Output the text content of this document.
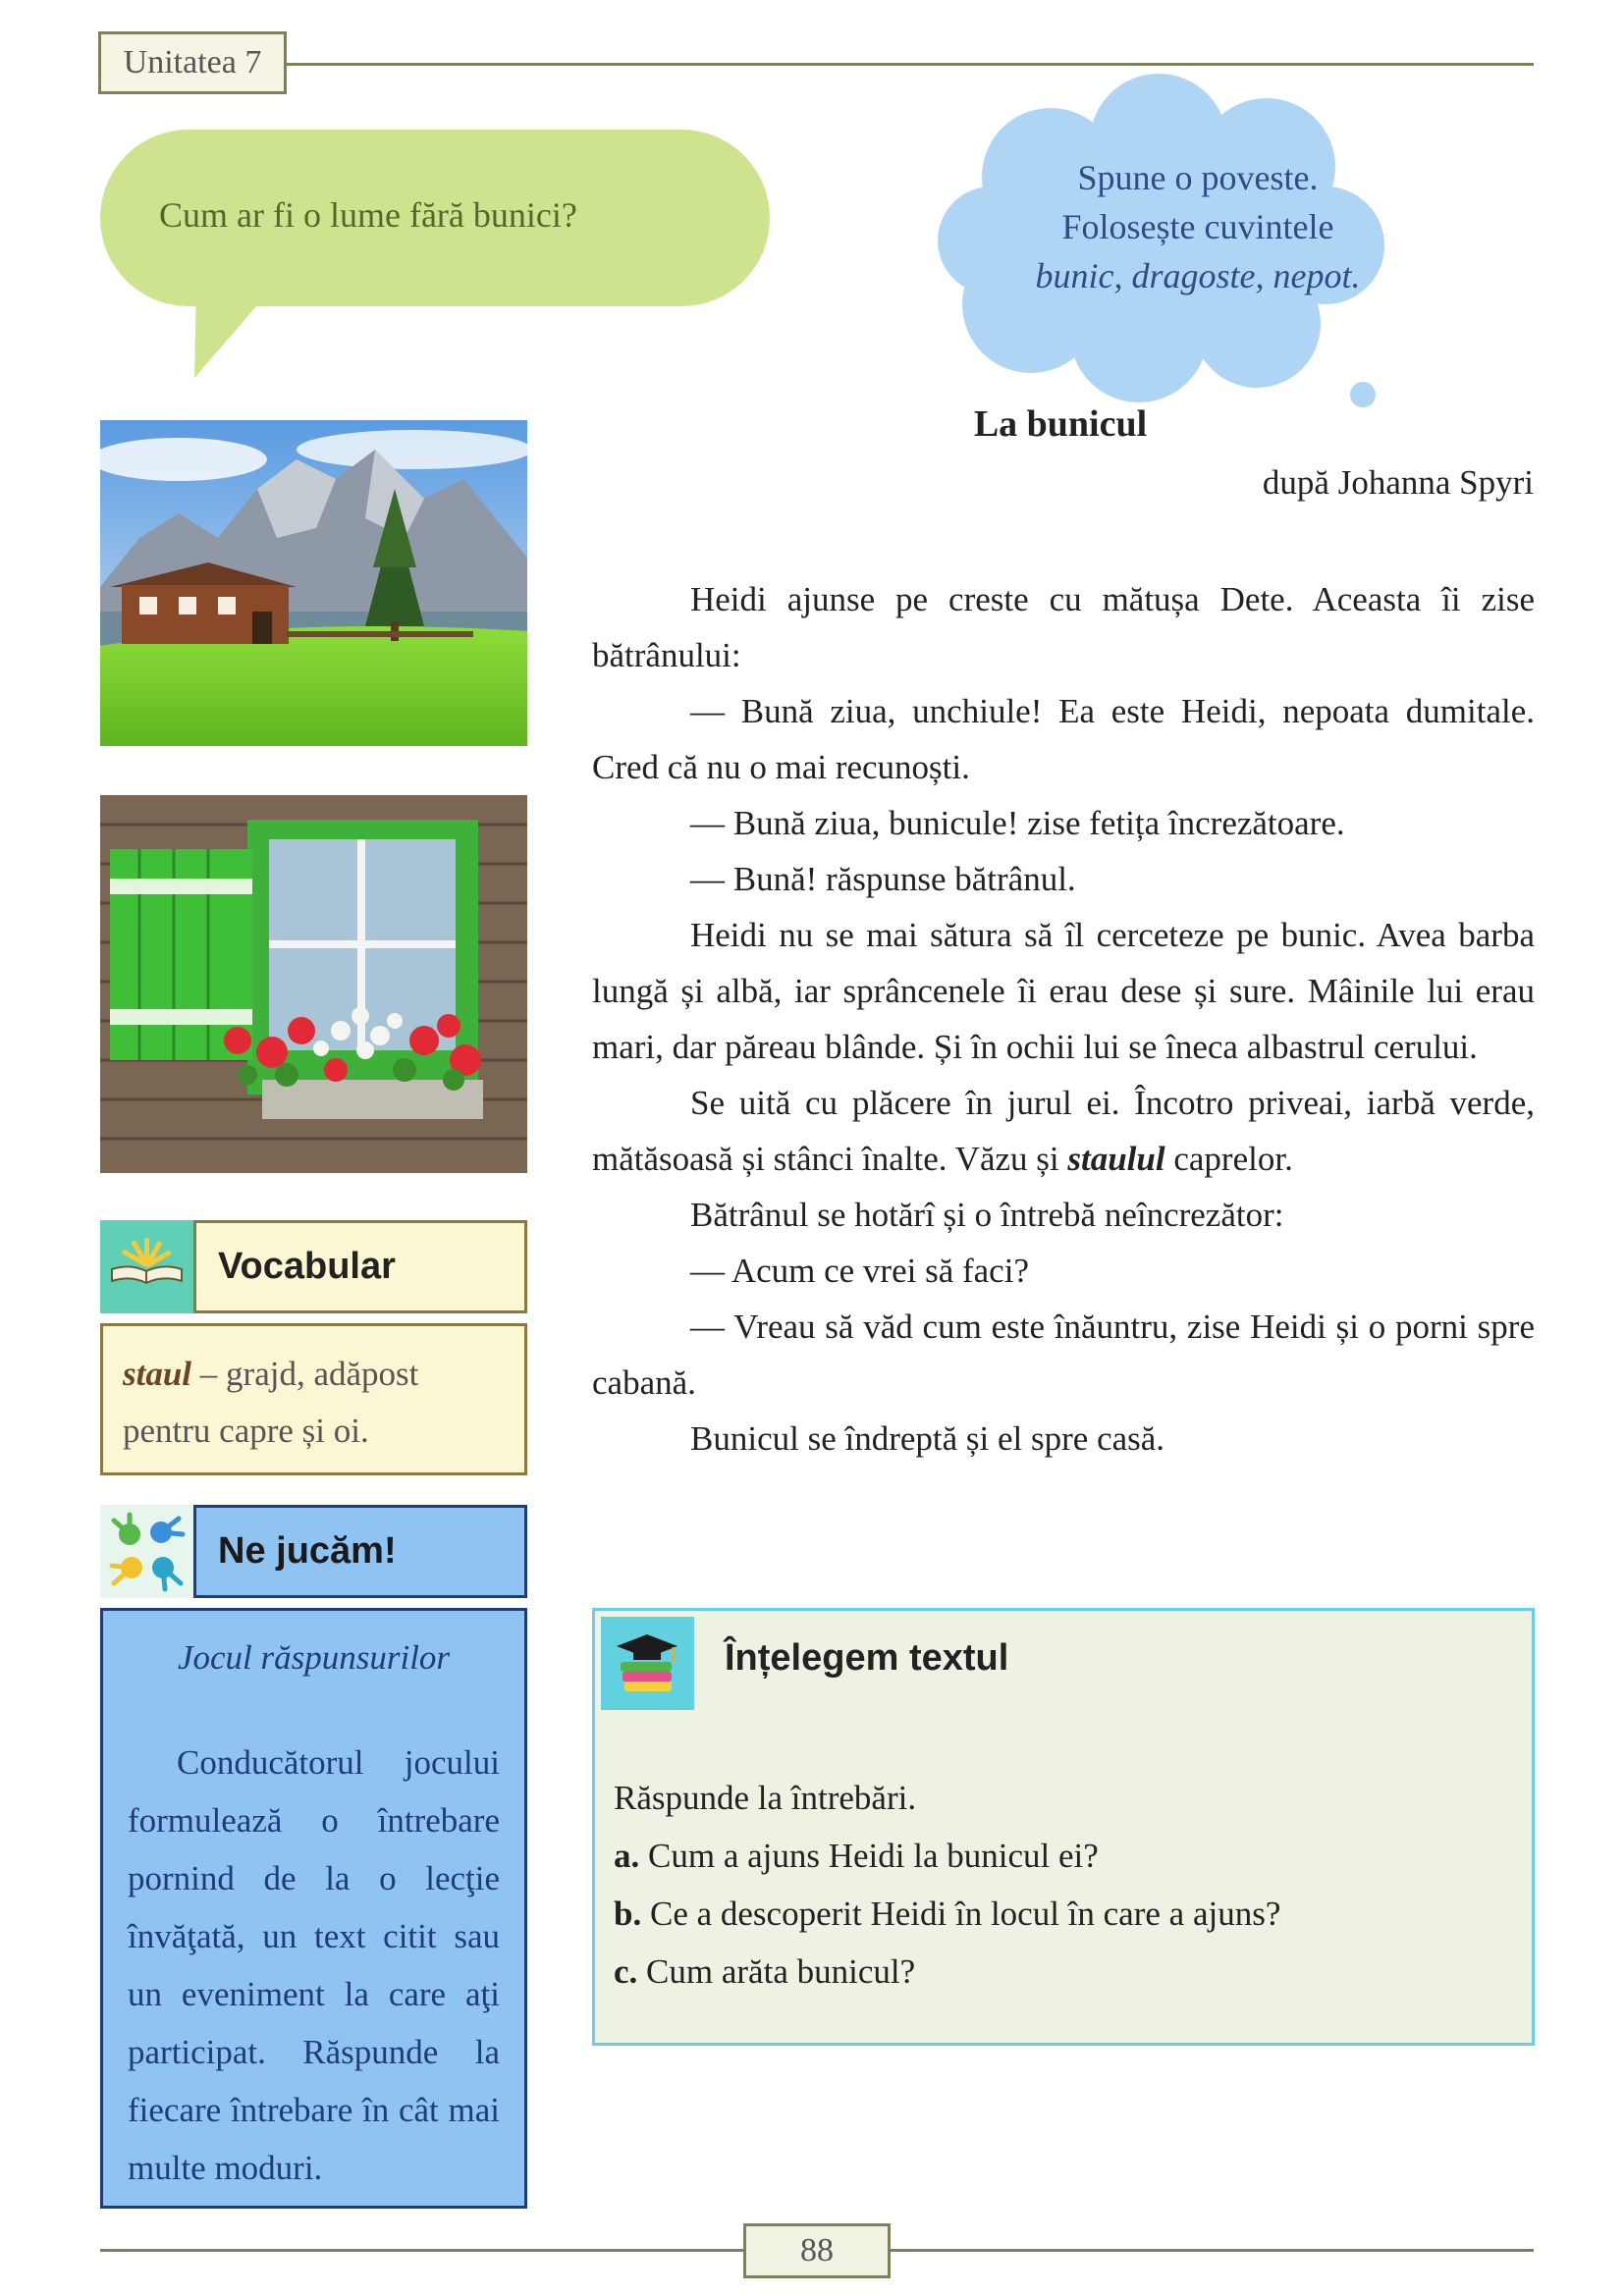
Unitatea 7
Cum ar fi o lume fără bunici?
Spune o poveste.
Folosește cuvintele
bunic, dragoste, nepot.
La bunicul
după Johanna Spyri

Heidi ajunse pe creste cu mătușa Dete. Aceasta îi zise bătrânului:

— Bună ziua, unchiule! Ea este Heidi, nepoata dumitale. Cred că nu o mai recunoști.

— Bună ziua, bunicule! zise fetița încrezătoare.

— Bună! răspunse bătrânul.

Heidi nu se mai sătura să îl cerceteze pe bunic. Avea barba lungă și albă, iar sprâncenele îi erau dese și sure. Mâinile lui erau mari, dar păreau blânde. Și în ochii lui se îneca albastrul cerului.

Se uită cu plăcere în jurul ei. Încotro priveai, iarbă verde, mătăsoasă și stânci înalte. Văzu și staulul caprelor.

Bătrânul se hotărî și o întrebă neîncrezător:

— Acum ce vrei să faci?

— Vreau să văd cum este înăuntru, zise Heidi și o porni spre cabană.

Bunicul se îndreptă și el spre casă.

Vocabular
staul – grajd, adăpost pentru capre și oi.
Ne jucăm!
Jocul răspunsurilor

Conducătorul jocului formulează o întrebare pornind de la o lecţie învăţată, un text citit sau un eveniment la care aţi participat. Răspunde la fiecare întrebare în cât mai multe moduri.

Înțelegem textul
Răspunde la întrebări.
a. Cum a ajuns Heidi la bunicul ei?
b. Ce a descoperit Heidi în locul în care a ajuns?
c. Cum arăta bunicul?
88
